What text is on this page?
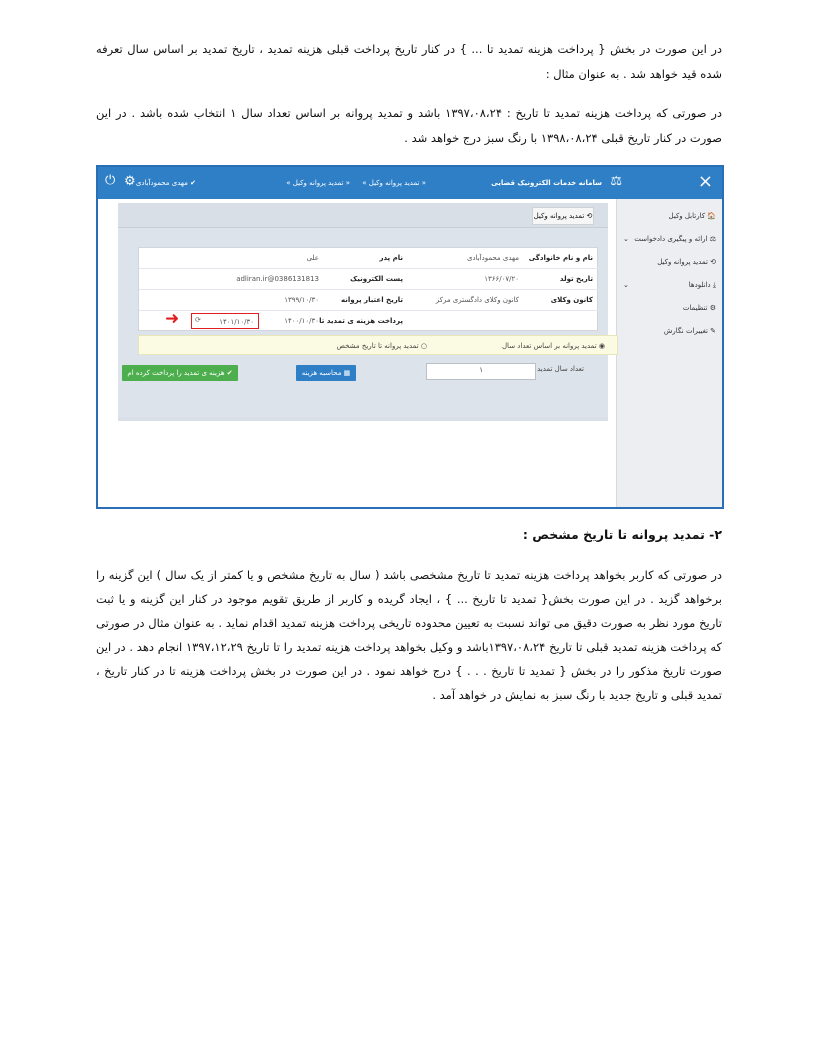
در این صورت در بخش { پرداخت هزینه تمدید تا ... } در کنار تاریخ پرداخت قبلی هزینه تمدید ، تاریخ تمدید بر اساس سال تعرفه شده قید خواهد شد . به عنوان مثال :

در صورتی که پرداخت هزینه تمدید تا تاریخ : ۱۳۹۷،۰۸،۲۴ باشد و تمدید پروانه بر اساس تعداد سال ۱ انتخاب شده باشد . در این صورت در کنار تاریخ قبلی ۱۳۹۸،۰۸،۲۴ با رنگ سبز درج خواهد شد .

×
⚖
سامانه خدمات الکترونیک قضایی
« تمدید پروانه وکیل »
« تمدید پروانه وکیل »
✔ مهدی محمودآبادی
⚙
⏻
🏠 کارتابل وکیل
⚖ ارائه و پیگیری دادخواست
⌄
⟲ تمدید پروانه وکیل
⤓ دانلودها
⌄
⚙ تنظیمات
✎ تغییرات نگارش
⟲ تمدید پروانه وکیل
نام و نام خانوادگی
مهدی محمودآبادی
نام پدر
علی
تاریخ تولد
۱۳۶۶/۰۷/۲۰
پست الکترونیک
adliran.ir@0386131813
کانون وکلای
کانون وکلای دادگستری مرکز
تاریخ اعتبار پروانه
۱۳۹۹/۱۰/۳۰
پرداخت هزینه ی تمدید تا
۱۴۰۰/۱۰/۳۰
۱۴۰۱/۱۰/۳۰
⟳
➜
◉ تمدید پروانه بر اساس تعداد سال
○ تمدید پروانه تا تاریخ مشخص
تعداد سال تمدید
۱
▦ محاسبه هزینه
✔ هزینه ی تمدید را پرداخت کرده ام

۲- تمدید پروانه تا تاریخ مشخص :

در صورتی که کاربر بخواهد پرداخت هزینه تمدید تا تاریخ مشخصی باشد ( سال به تاریخ مشخص و یا کمتر از یک سال ) این گزینه را برخواهد گزید . در این صورت بخش{ تمدید تا تاریخ ... } ، ایجاد گریده و کاربر از طریق تقویم موجود در کنار این گزینه و یا ثبت تاریخ مورد نظر به صورت دقیق می تواند نسبت به تعیین محدوده تاریخی پرداخت هزینه تمدید اقدام نماید . به عنوان مثال در صورتی که پرداخت هزینه تمدید قبلی تا تاریخ ۱۳۹۷،۰۸،۲۴باشد و وکیل بخواهد پرداخت هزینه تمدید را تا تاریخ ۱۳۹۷،۱۲،۲۹ انجام دهد . در این صورت تاریخ مذکور را در بخش { تمدید تا تاریخ . . . } درج خواهد نمود . در این صورت در بخش پرداخت هزینه تا در کنار تاریخ ، تمدید قبلی و تاریخ جدید با رنگ سبز به نمایش در خواهد آمد .
